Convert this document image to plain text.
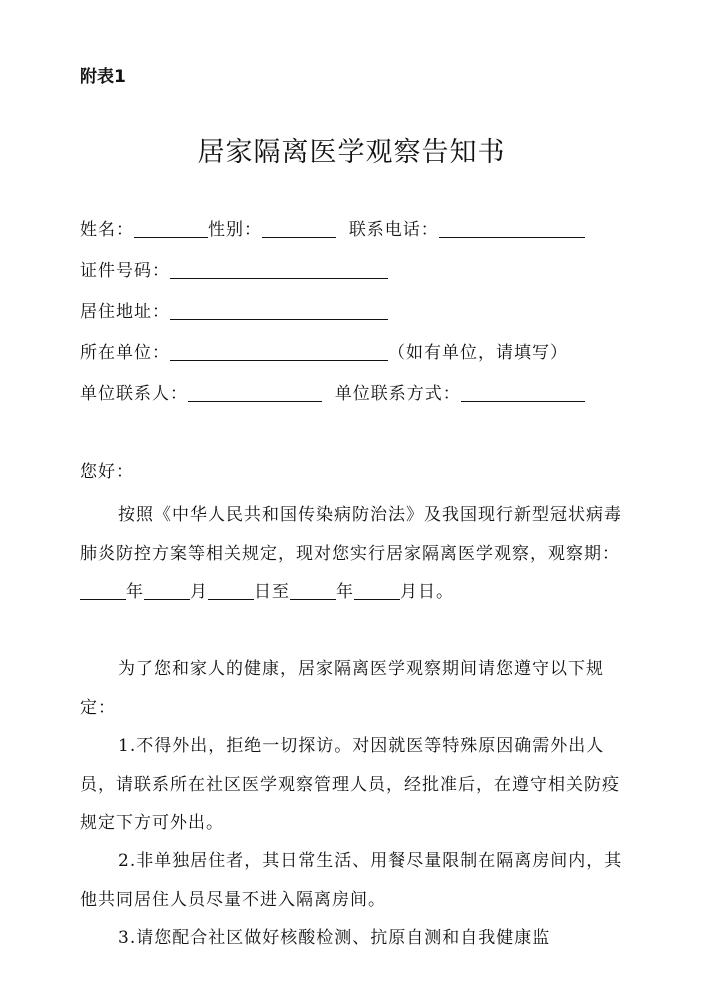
附表1
居家隔离医学观察告知书
姓名：	性别：	联系电话：
证件号码：
居住地址：
所在单位：	（如有单位，请填写）
单位联系人：	单位联系方式：
您好：
按照《中华人民共和国传染病防治法》及我国现行新型冠状病毒肺炎防控方案等相关规定，现对您实行居家隔离医学观察，观察期：年	月	日至	年	月日。
为了您和家人的健康，居家隔离医学观察期间请您遵守以下规定：
1.不得外出，拒绝一切探访。对因就医等特殊原因确需外出人员，请联系所在社区医学观察管理人员，经批准后，在遵守相关防疫规定下方可外出。
2.非单独居住者，其日常生活、用餐尽量限制在隔离房间内，其他共同居住人员尽量不进入隔离房间。
3.请您配合社区做好核酸检测、抗原自测和自我健康监
